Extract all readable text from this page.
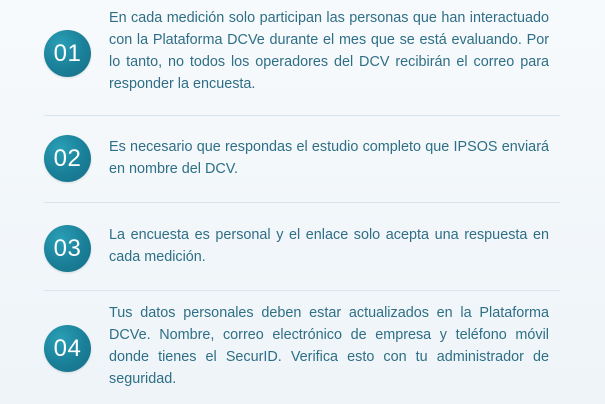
01
En cada medición solo participan las personas que han interactuado con la Plataforma DCVe durante el mes que se está evaluando. Por lo tanto, no todos los operadores del DCV recibirán el correo para responder la encuesta.
02	Es necesario que respondas el estudio completo que IPSOS enviará en nombre del DCV.
03	La encuesta es personal y el enlace solo acepta una respuesta en cada medición.
04
Tus datos personales deben estar actualizados en la Plataforma DCVe. Nombre, correo electrónico de empresa y teléfono móvil donde tienes el SecurID. Verifica esto con tu administrador de seguridad.
